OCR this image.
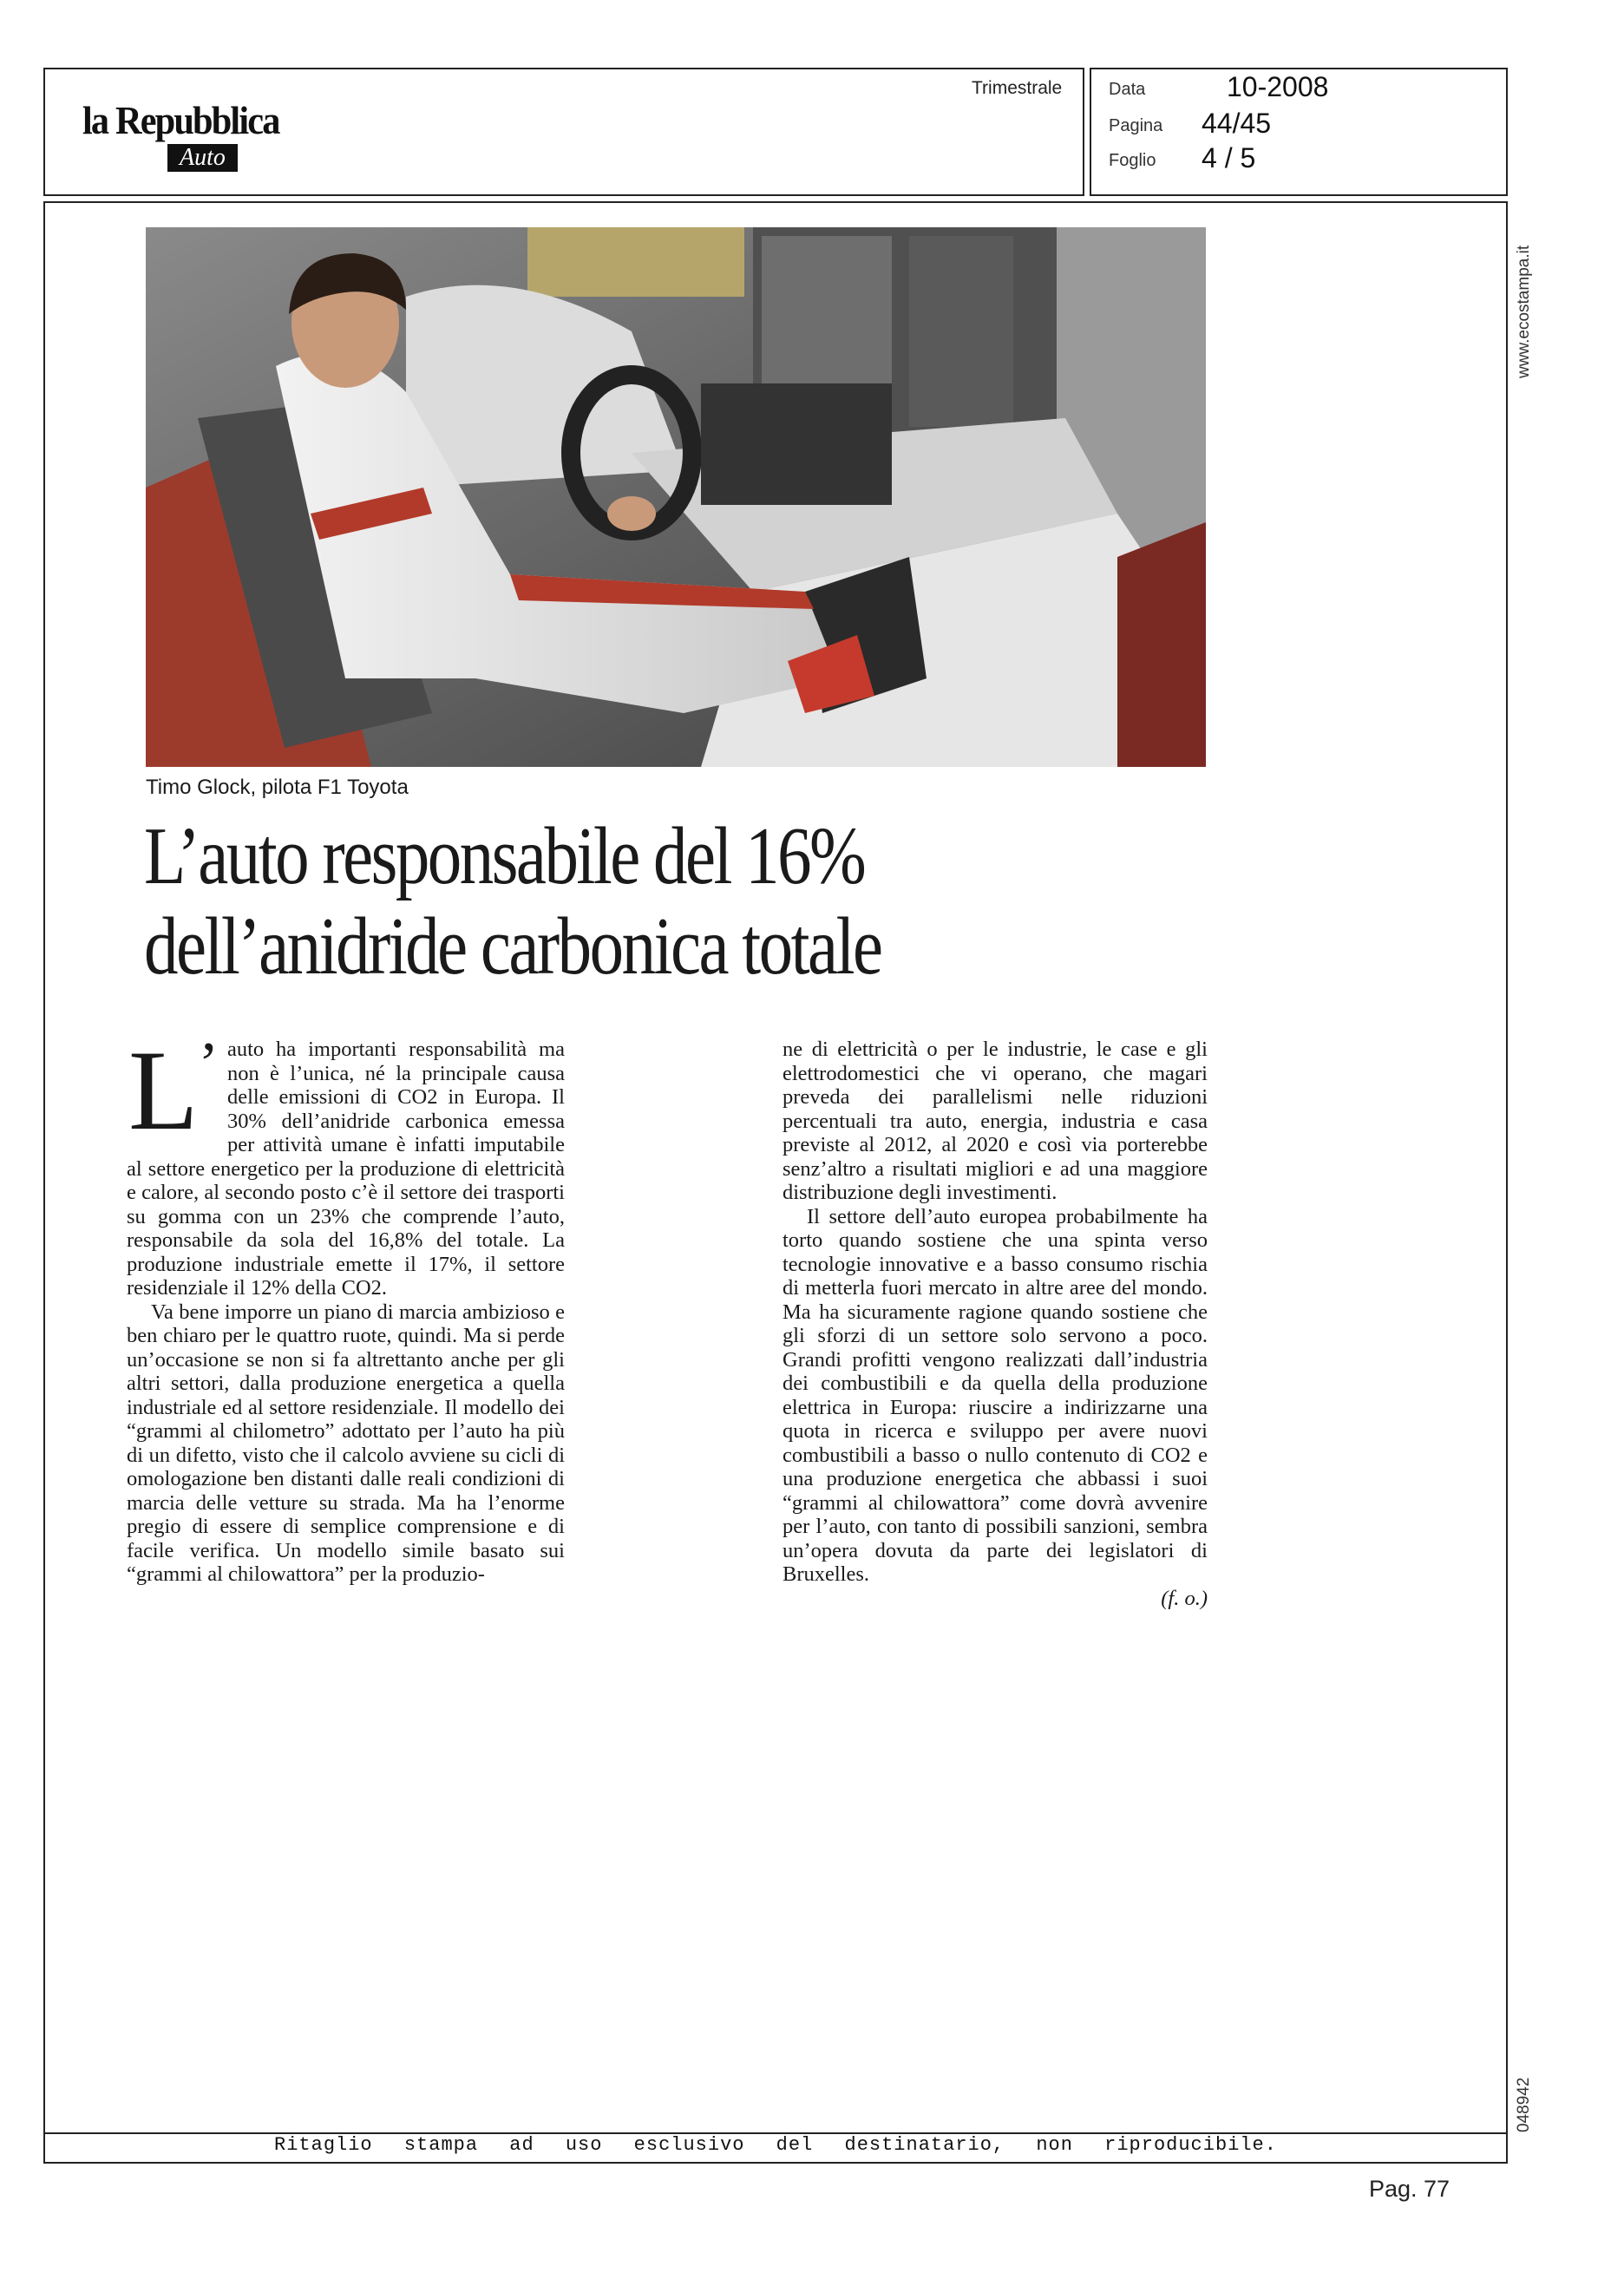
la Repubblica
Auto
Trimestrale	Data	10-2008
Pagina 44/45
Foglio 4 / 5
www.ecostampa.it
048942
Timo Glock, pilota F1 Toyota
L’auto responsabile del 16%
dell’anidride carbonica totale

L’ auto ha importanti responsabilità ma non è l’unica, né la principale causa delle emissioni di CO2 in Europa. Il 30% dell’anidride carbonica emessa per attività umane è infatti imputabile al settore energetico per la produzione di elettricità e calore, al secondo posto c’è il settore dei trasporti su gomma con un 23% che comprende l’auto, responsabile da sola del 16,8% del totale. La produzione industriale emette il 17%, il settore residenziale il 12% della CO2.

Va bene imporre un piano di marcia ambizioso e ben chiaro per le quattro ruote, quindi. Ma si perde un’occasione se non si fa altrettanto anche per gli altri settori, dalla produzione energetica a quella industriale ed al settore residenziale. Il modello dei “grammi al chilometro” adottato per l’auto ha più di un difetto, visto che il calcolo avviene su cicli di omologazione ben distanti dalle reali condizioni di marcia delle vetture su strada. Ma ha l’enorme pregio di essere di semplice comprensione e di facile verifica. Un modello simile basato sui “grammi al chilowattora” per la produzio-

ne di elettricità o per le industrie, le case e gli elettrodomestici che vi operano, che magari preveda dei parallelismi nelle riduzioni percentuali tra auto, energia, industria e casa previste al 2012, al 2020 e così via porterebbe senz’altro a risultati migliori e ad una maggiore distribuzione degli investimenti.

Il settore dell’auto europea probabilmente ha torto quando sostiene che una spinta verso tecnologie innovative e a basso consumo rischia di metterla fuori mercato in altre aree del mondo. Ma ha sicuramente ragione quando sostiene che gli sforzi di un settore solo servono a poco. Grandi profitti vengono realizzati dall’industria dei combustibili e da quella della produzione elettrica in Europa: riuscire a indirizzarne una quota in ricerca e sviluppo per avere nuovi combustibili a basso o nullo contenuto di CO2 e una produzione energetica che abbassi i suoi “grammi al chilowattora” come dovrà avvenire per l’auto, con tanto di possibili sanzioni, sembra un’opera dovuta da parte dei legislatori di Bruxelles.

(f. o.)

Ritaglio stampa ad uso esclusivo del destinatario, non riproducibile.
Pag. 77
